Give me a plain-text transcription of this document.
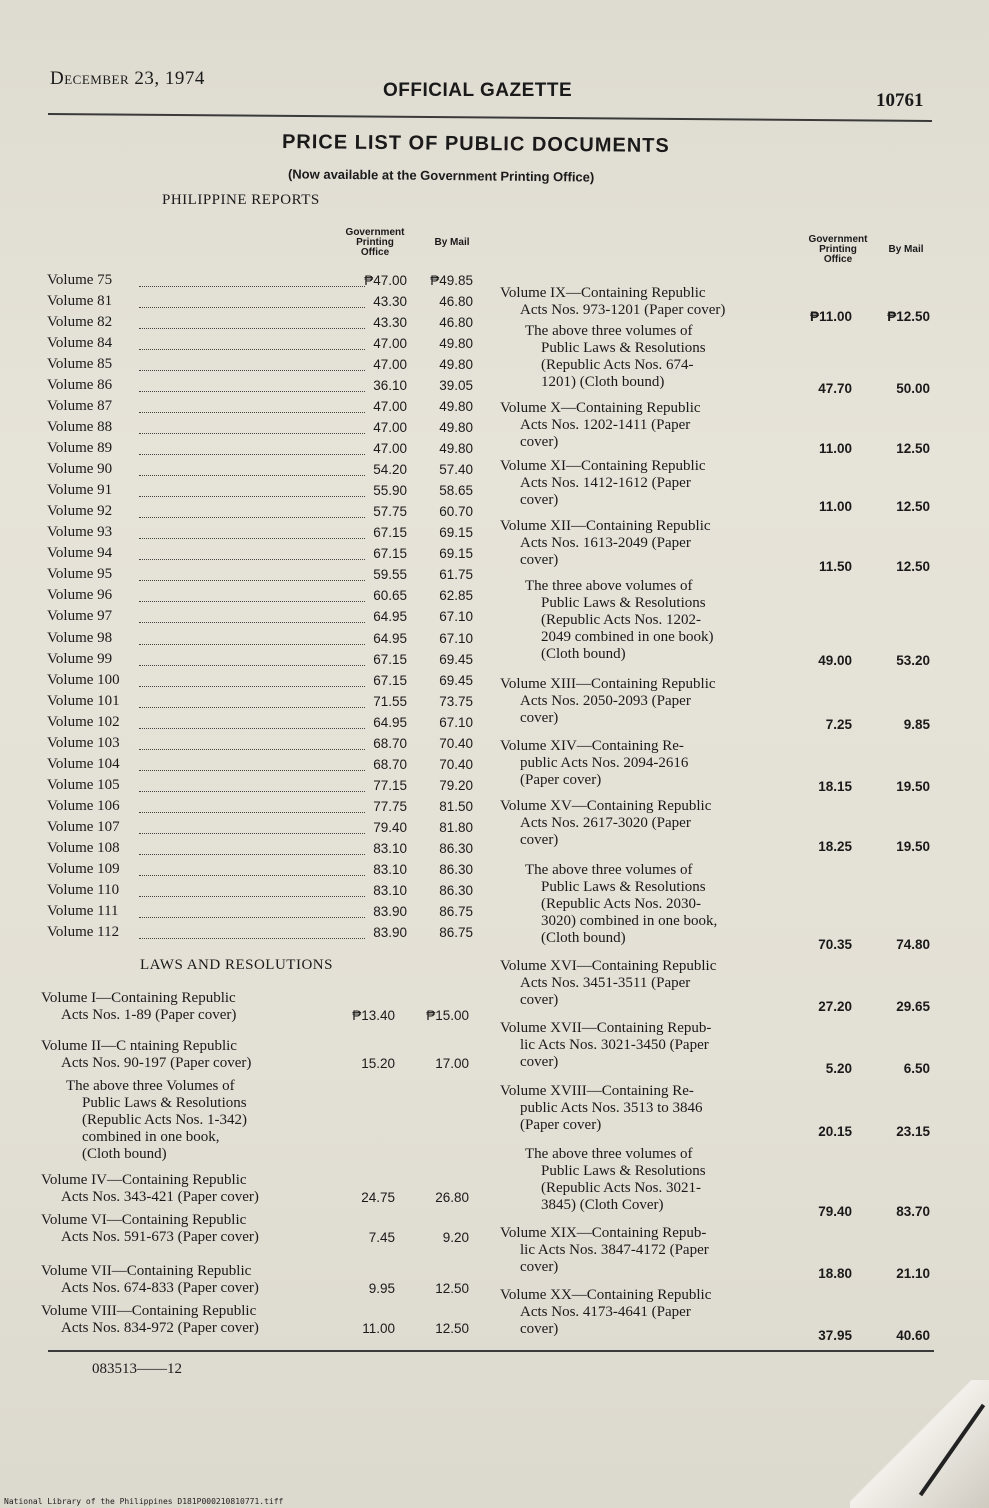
December 23, 1974
OFFICIAL GAZETTE	10761
PRICE LIST OF PUBLIC DOCUMENTS
(Now available at the Government Printing Office)
PHILIPPINE REPORTS
Government
Printing
Office
By Mail	Government
Printing
Office
By Mail
Volume 75	₱47.00	₱49.85
Volume 81	43.30	46.80
Volume 82	43.30	46.80
Volume 84	47.00	49.80
Volume 85	47.00	49.80
Volume 86	36.10	39.05
Volume 87	47.00	49.80
Volume 88	47.00	49.80
Volume 89	47.00	49.80
Volume 90	54.20	57.40
Volume 91	55.90	58.65
Volume 92	57.75	60.70
Volume 93	67.15	69.15
Volume 94	67.15	69.15
Volume 95	59.55	61.75
Volume 96	60.65	62.85
Volume 97	64.95	67.10
Volume 98	64.95	67.10
Volume 99	67.15	69.45
Volume 100	67.15	69.45
Volume 101	71.55	73.75
Volume 102	64.95	67.10
Volume 103	68.70	70.40
Volume 104	68.70	70.40
Volume 105	77.15	79.20
Volume 106	77.75	81.50
Volume 107	79.40	81.80
Volume 108	83.10	86.30
Volume 109	83.10	86.30
Volume 110	83.10	86.30
Volume 111	83.90	86.75
Volume 112	83.90	86.75
LAWS AND RESOLUTIONS
Volume I—Containing Republic
Acts Nos. 1-89 (Paper cover)	₱13.40	₱15.00
Volume II—C ntaining Republic
Acts Nos. 90-197 (Paper cover)	15.20	17.00
The above three Volumes of
Public Laws & Resolutions
(Republic Acts Nos. 1-342)
combined in one book,
(Cloth bound)
Volume IV—Containing Republic
Acts Nos. 343-421 (Paper cover)	24.75	26.80
Volume VI—Containing Republic
Acts Nos. 591-673 (Paper cover)	7.45	9.20
Volume VII—Containing Republic
Acts Nos. 674-833 (Paper cover)	9.95	12.50
Volume VIII—Containing Republic
Acts Nos. 834-972 (Paper cover)	11.00	12.50
Volume IX—Containing Republic
Acts Nos. 973-1201 (Paper cover)	₱11.00	₱12.50
The above three volumes of
Public Laws & Resolutions
(Republic Acts Nos. 674-
1201) (Cloth bound)	47.70	50.00
Volume X—Containing Republic
Acts Nos. 1202-1411 (Paper
cover)	11.00	12.50
Volume XI—Containing Republic
Acts Nos. 1412-1612 (Paper
cover)	11.00	12.50
Volume XII—Containing Republic
Acts Nos. 1613-2049 (Paper
cover)	11.50	12.50
The three above volumes of
Public Laws & Resolutions
(Republic Acts Nos. 1202-
2049 combined in one book)
(Cloth bound)	49.00	53.20
Volume XIII—Containing Republic
Acts Nos. 2050-2093 (Paper
cover)	7.25	9.85
Volume XIV—Containing Re-
public Acts Nos. 2094-2616
(Paper cover)	18.15	19.50
Volume XV—Containing Republic
Acts Nos. 2617-3020 (Paper
cover)	18.25	19.50
The above three volumes of
Public Laws & Resolutions
(Republic Acts Nos. 2030-
3020) combined in one book,
(Cloth bound)	70.35	74.80
Volume XVI—Containing Republic
Acts Nos. 3451-3511 (Paper
cover)	27.20	29.65
Volume XVII—Containing Repub-
lic Acts Nos. 3021-3450 (Paper
cover)	5.20	6.50
Volume XVIII—Containing Re-
public Acts Nos. 3513 to 3846
(Paper cover)	20.15	23.15
The above three volumes of
Public Laws & Resolutions
(Republic Acts Nos. 3021-
3845) (Cloth Cover)	79.40	83.70
Volume XIX—Containing Repub-
lic Acts Nos. 3847-4172 (Paper
cover)	18.80	21.10
Volume XX—Containing Republic
Acts Nos. 4173-4641 (Paper
cover)	37.95	40.60
083513——12
National Library of the Philippines D181P000210810771.tiff
